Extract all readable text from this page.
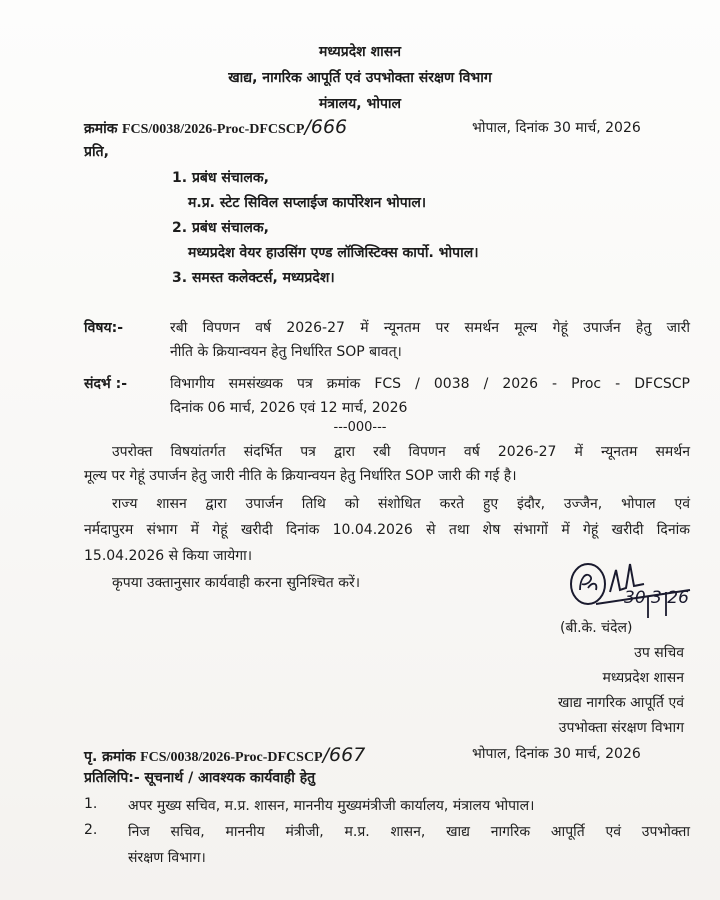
मध्यप्रदेश शासन
खाद्य, नागरिक आपूर्ति एवं उपभोक्ता संरक्षण विभाग
मंत्रालय, भोपाल
क्रमांक FCS/0038/2026-Proc-DFCSCP/666	भोपाल, दिनांक 30 मार्च, 2026
प्रति,
1. प्रबंध संचालक,
म.प्र. स्टेट सिविल सप्लाईज कार्पोरेशन भोपाल।
2. प्रबंध संचालक,
मध्यप्रदेश वेयर हाउसिंग एण्ड लॉजिस्टिक्स कार्पो. भोपाल।
3. समस्त कलेक्टर्स, मध्यप्रदेश।
विषय:-	रबी विपणन वर्ष 2026-27 में न्यूनतम पर समर्थन मूल्य गेहूं उपार्जन हेतु जारी
नीति के क्रियान्वयन हेतु निर्धारित SOP बावत्।
संदर्भ :-	विभागीय समसंख्यक पत्र क्रमांक FCS / 0038 / 2026 - Proc - DFCSCP
दिनांक 06 मार्च, 2026 एवं 12 मार्च, 2026
---000---
उपरोक्त विषयांतर्गत संदर्भित पत्र द्वारा रबी विपणन वर्ष 2026-27 में न्यूनतम समर्थन
मूल्य पर गेहूं उपार्जन हेतु जारी नीति के क्रियान्वयन हेतु निर्धारित SOP जारी की गई है।
राज्य शासन द्वारा उपार्जन तिथि को संशोधित करते हुए इंदौर, उज्जैन, भोपाल एवं
नर्मदापुरम संभाग में गेहूं खरीदी दिनांक 10.04.2026 से तथा शेष संभागों में गेहूं खरीदी दिनांक
15.04.2026 से किया जायेगा।
कृपया उक्तानुसार कार्यवाही करना सुनिश्चित करें।
30 3 26
(बी.के. चंदेल)
उप सचिव
मध्यप्रदेश शासन
खाद्य नागरिक आपूर्ति एवं
उपभोक्ता संरक्षण विभाग
पृ. क्रमांक FCS/0038/2026-Proc-DFCSCP/667	भोपाल, दिनांक 30 मार्च, 2026
प्रतिलिपि:- सूचनार्थ / आवश्यक कार्यवाही हेतु
1. अपर मुख्य सचिव, म.प्र. शासन, माननीय मुख्यमंत्रीजी कार्यालय, मंत्रालय भोपाल।
2. निज सचिव, माननीय मंत्रीजी, म.प्र. शासन, खाद्य नागरिक आपूर्ति एवं उपभोक्ता
संरक्षण विभाग।
